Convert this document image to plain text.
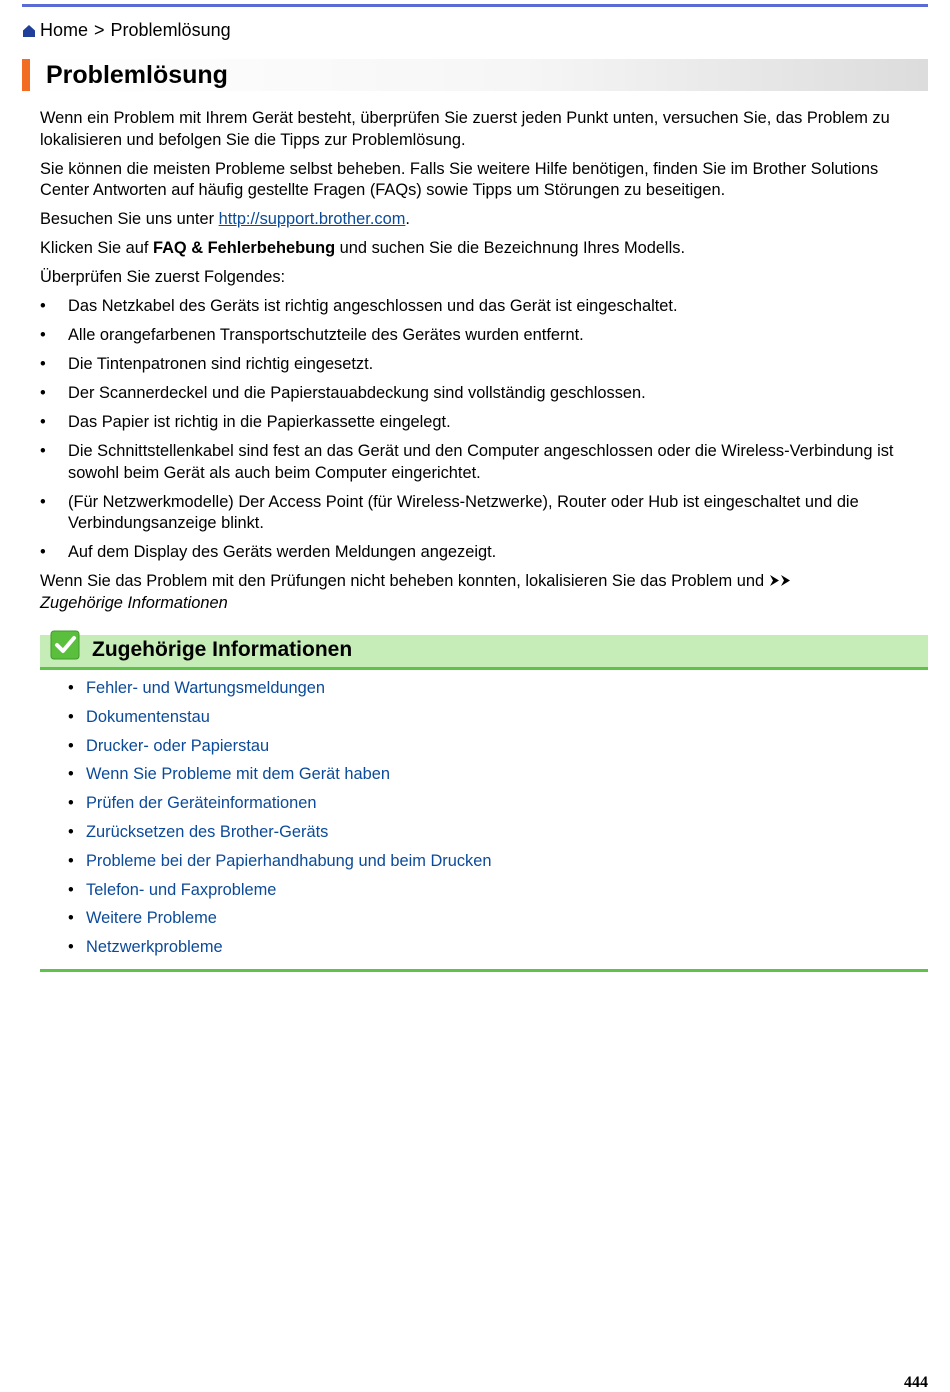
Home > Problemlösung
Problemlösung

Wenn ein Problem mit Ihrem Gerät besteht, überprüfen Sie zuerst jeden Punkt unten, versuchen Sie, das Problem zu lokalisieren und befolgen Sie die Tipps zur Problemlösung.

Sie können die meisten Probleme selbst beheben. Falls Sie weitere Hilfe benötigen, finden Sie im Brother Solutions Center Antworten auf häufig gestellte Fragen (FAQs) sowie Tipps um Störungen zu beseitigen.

Besuchen Sie uns unter http://support.brother.com.

Klicken Sie auf FAQ & Fehlerbehebung und suchen Sie die Bezeichnung Ihres Modells.

Überprüfen Sie zuerst Folgendes:

• Das Netzkabel des Geräts ist richtig angeschlossen und das Gerät ist eingeschaltet.
• Alle orangefarbenen Transportschutzteile des Gerätes wurden entfernt.
• Die Tintenpatronen sind richtig eingesetzt.
• Der Scannerdeckel und die Papierstauabdeckung sind vollständig geschlossen.
• Das Papier ist richtig in die Papierkassette eingelegt.
• Die Schnittstellenkabel sind fest an das Gerät und den Computer angeschlossen oder die Wireless-Verbindung ist sowohl beim Gerät als auch beim Computer eingerichtet.
• (Für Netzwerkmodelle) Der Access Point (für Wireless-Netzwerke), Router oder Hub ist eingeschaltet und die Verbindungsanzeige blinkt.
• Auf dem Display des Geräts werden Meldungen angezeigt.

Wenn Sie das Problem mit den Prüfungen nicht beheben konnten, lokalisieren Sie das Problem und
Zugehörige Informationen

Zugehörige Informationen
• Fehler- und Wartungsmeldungen
• Dokumentenstau
• Drucker- oder Papierstau
• Wenn Sie Probleme mit dem Gerät haben
• Prüfen der Geräteinformationen
• Zurücksetzen des Brother-Geräts
• Probleme bei der Papierhandhabung und beim Drucken
• Telefon- und Faxprobleme
• Weitere Probleme
• Netzwerkprobleme
444
